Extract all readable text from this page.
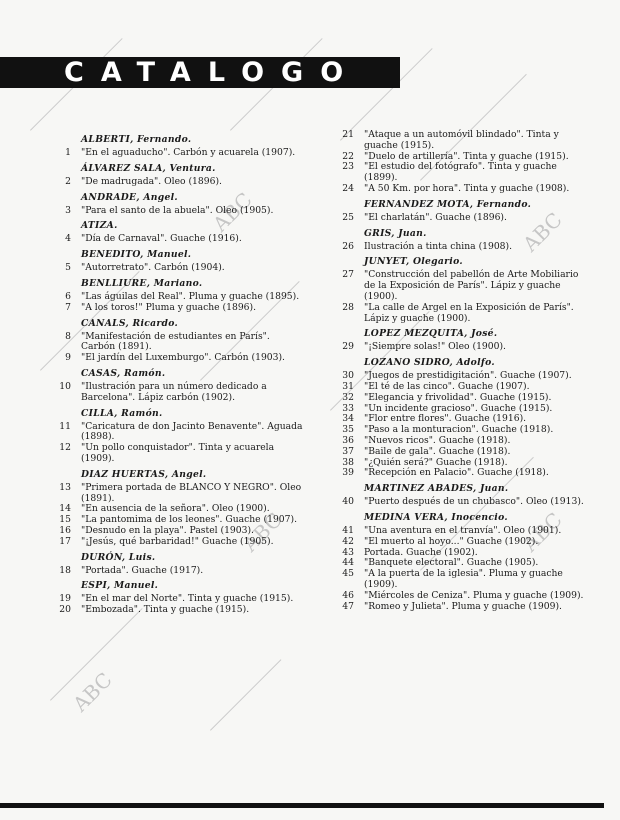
ABC	ABC
ABC
ABC	ABC
CATALOGO
ALBERTI, Fernando.
1 "En el aguaducho". Carbón y acuarela (1907).
ÁLVAREZ SALA, Ventura.
2 "De madrugada". Oleo (1896).
ANDRADE, Angel.
3 "Para el santo de la abuela". Oleo (1905).
ATIZA.
4 "Día de Carnaval". Guache (1916).
BENEDITO, Manuel.
5 "Autorretrato". Carbón (1904).
BENLLIURE, Mariano.
6 "Las águilas del Real". Pluma y guache (1895).
7 "A los toros!" Pluma y guache (1896).
CANALS, Ricardo.
8 "Manifestación de estudiantes en París". Carbón (1891).
9 "El jardín del Luxemburgo". Carbón (1903).
CASAS, Ramón.
10 "Ilustración para un número dedicado a Barcelona". Lápiz carbón (1902).
CILLA, Ramón.
11 "Caricatura de don Jacinto Benavente". Aguada (1898).
12 "Un pollo conquistador". Tinta y acuarela (1909).
DIAZ HUERTAS, Angel.
13 "Primera portada de BLANCO Y NEGRO". Oleo (1891).
14 "En ausencia de la señora". Oleo (1900).
15 "La pantomima de los leones". Guache (1907).
16 "Desnudo en la playa". Pastel (1903).
17 "¡Jesús, qué barbaridad!" Guache (1905).
DURÓN, Luis.
18 "Portada". Guache (1917).
ESPI, Manuel.
19 "En el mar del Norte". Tinta y guache (1915).
20 "Embozada". Tinta y guache (1915).
21 "Ataque a un automóvil blindado". Tinta y guache (1915).
22 "Duelo de artillería". Tinta y guache (1915).
23 "El estudio del fotógrafo". Tinta y guache (1899).
24 "A 50 Km. por hora". Tinta y guache (1908).
FERNANDEZ MOTA, Fernando.
25 "El charlatán". Guache (1896).
GRIS, Juan.
26 Ilustración a tinta china (1908).
JUNYET, Olegario.
27 "Construcción del pabellón de Arte Mobiliario de la Exposición de París". Lápiz y guache (1900).
28 "La calle de Argel en la Exposición de París". Lápiz y guache (1900).
LOPEZ MEZQUITA, José.
29 "¡Siempre solas!" Oleo (1900).
LOZANO SIDRO, Adolfo.
30 "Juegos de prestidigitación". Guache (1907).
31 "El té de las cinco". Guache (1907).
32 "Elegancia y frivolidad". Guache (1915).
33 "Un incidente gracioso". Guache (1915).
34 "Flor entre flores". Guache (1916).
35 "Paso a la monturacion". Guache (1918).
36 "Nuevos ricos". Guache (1918).
37 "Baile de gala". Guache (1918).
38 "¿Quién será?" Guache (1918).
39 "Recepción en Palacio". Guache (1918).
MARTINEZ ABADES, Juan.
40 "Puerto después de un chubasco". Oleo (1913).
MEDINA VERA, Inocencio.
41 "Una aventura en el tranvía". Oleo (1901).
42 "El muerto al hoyo..." Guache (1902).
43 Portada. Guache (1902).
44 "Banquete electoral". Guache (1905).
45 "A la puerta de la iglesia". Pluma y guache (1909).
46 "Miércoles de Ceniza". Pluma y guache (1909).
47 "Romeo y Julieta". Pluma y guache (1909).
